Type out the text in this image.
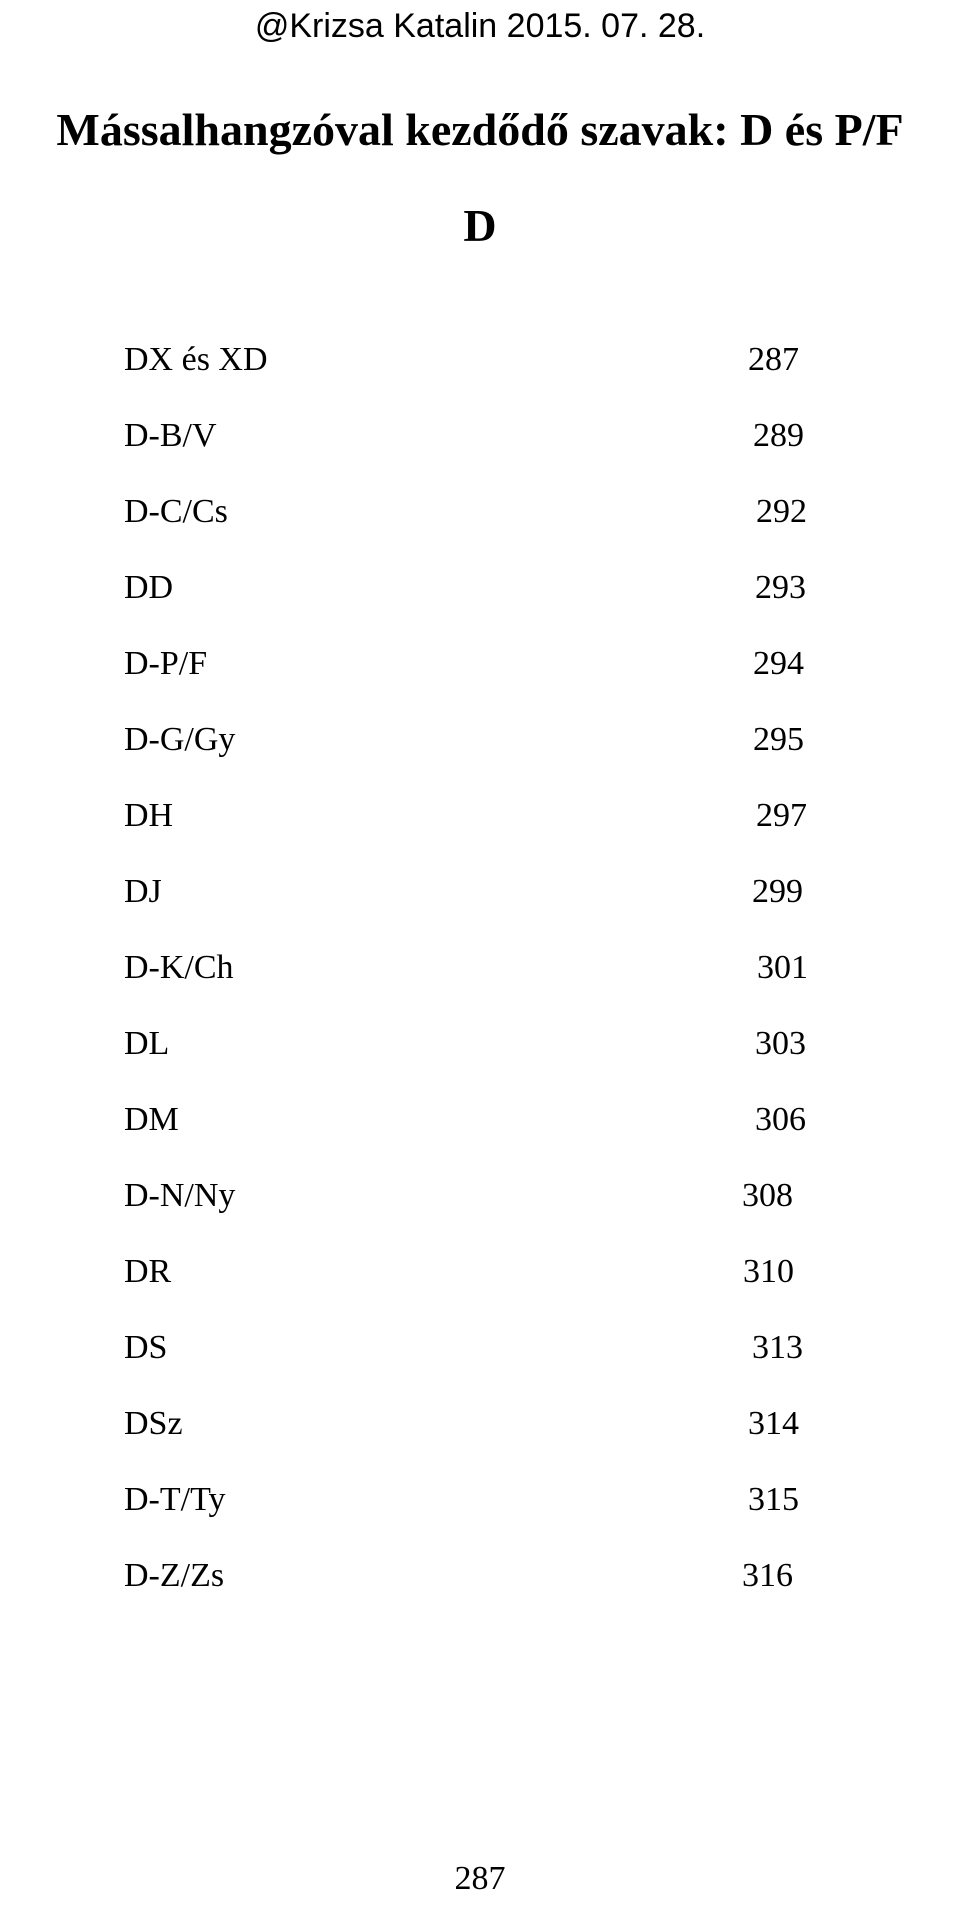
@Krizsa Katalin 2015. 07. 28.
Mássalhangzóval kezdődő szavak: D és P/F
D
DX és XD	287
D-B/V	289
D-C/Cs	292
DD	293
D-P/F	294
D-G/Gy	295
DH	297
DJ	299
D-K/Ch	301
DL	303
DM	306
D-N/Ny	308
DR	310
DS	313
DSz	314
D-T/Ty	315
D-Z/Zs	316
287
